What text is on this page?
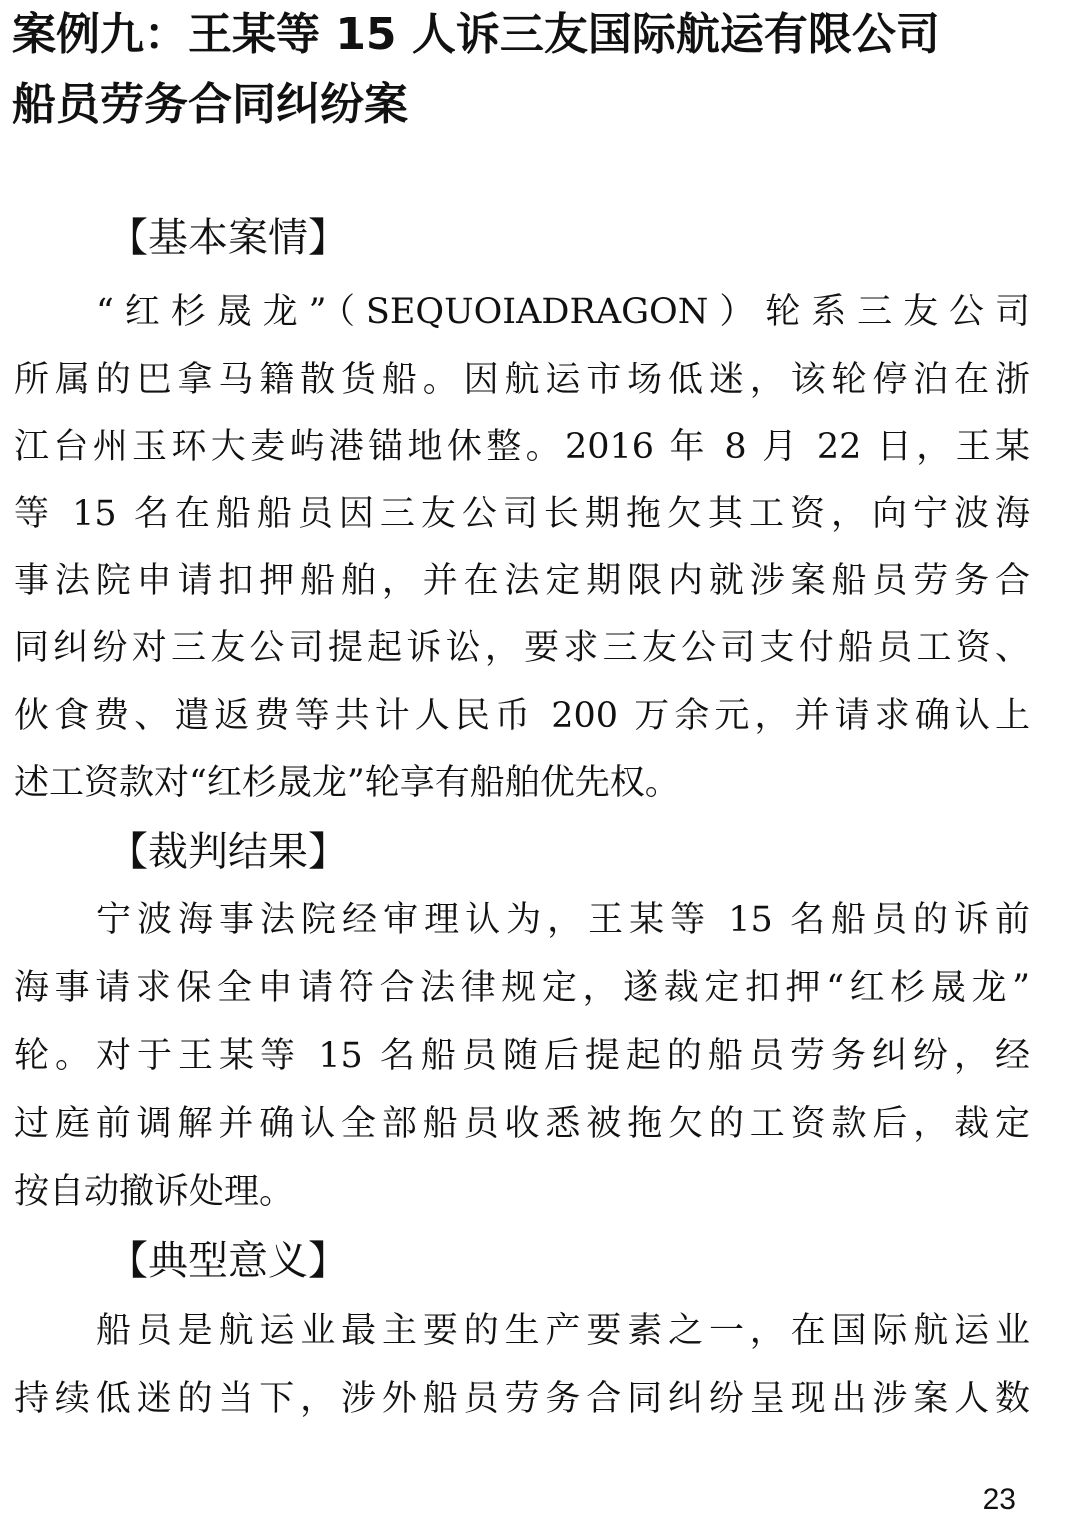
案例九：王某等 15 人诉三友国际航运有限公司
船员劳务合同纠纷案
【基本案情】
“红杉晟龙”（SEQUOIADRAGON）轮系三友公司
所属的巴拿马籍散货船。因航运市场低迷，该轮停泊在浙
江台州玉环大麦屿港锚地休整。2016 年 8 月 22 日，王某
等 15 名在船船员因三友公司长期拖欠其工资，向宁波海
事法院申请扣押船舶，并在法定期限内就涉案船员劳务合
同纠纷对三友公司提起诉讼，要求三友公司支付船员工资、
伙食费、遣返费等共计人民币 200 万余元，并请求确认上
述工资款对“红杉晟龙”轮享有船舶优先权。
【裁判结果】
宁波海事法院经审理认为，王某等 15 名船员的诉前
海事请求保全申请符合法律规定，遂裁定扣押“红杉晟龙”
轮。对于王某等 15 名船员随后提起的船员劳务纠纷，经
过庭前调解并确认全部船员收悉被拖欠的工资款后，裁定
按自动撤诉处理。
【典型意义】
船员是航运业最主要的生产要素之一，在国际航运业
持续低迷的当下，涉外船员劳务合同纠纷呈现出涉案人数
23
